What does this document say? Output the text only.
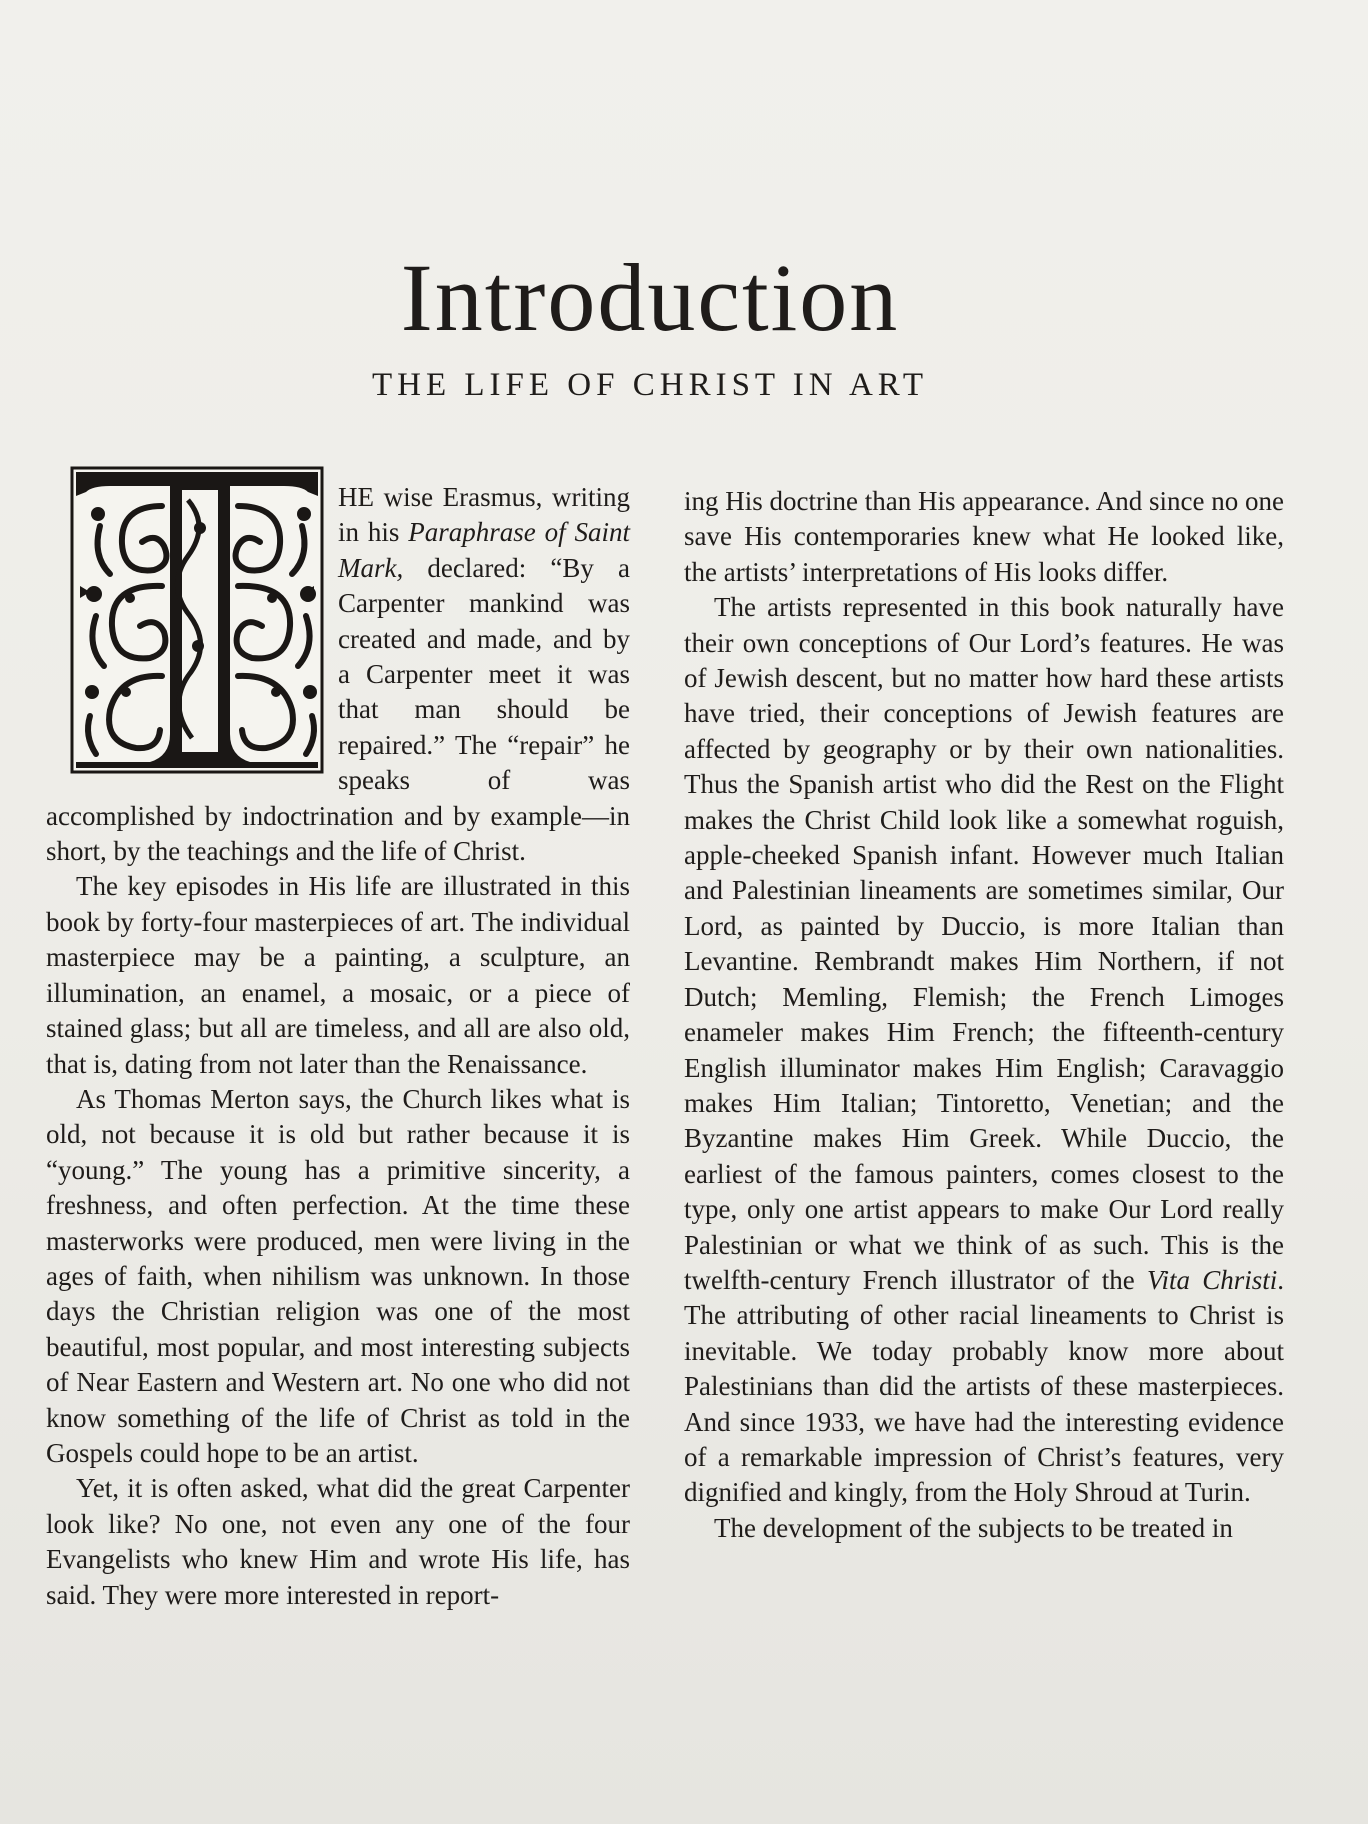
Introduction
THE LIFE OF CHRIST IN ART

HE wise Erasmus, writing in his Paraphrase of Saint Mark, declared: “By a Carpenter mankind was created and made, and by a Carpenter meet it was that man should be repaired.” The “repair” he speaks of was accomplished by indoctrination and by example—in short, by the teachings and the life of Christ.

The key episodes in His life are illustrated in this book by forty-four masterpieces of art. The individual masterpiece may be a painting, a sculpture, an illumination, an enamel, a mosaic, or a piece of stained glass; but all are timeless, and all are also old, that is, dating from not later than the Renaissance.

As Thomas Merton says, the Church likes what is old, not because it is old but rather because it is “young.” The young has a primitive sincerity, a freshness, and often perfection. At the time these masterworks were produced, men were living in the ages of faith, when nihilism was unknown. In those days the Christian religion was one of the most beautiful, most popular, and most interesting subjects of Near Eastern and Western art. No one who did not know something of the life of Christ as told in the Gospels could hope to be an artist.

Yet, it is often asked, what did the great Carpenter look like? No one, not even any one of the four Evangelists who knew Him and wrote His life, has said. They were more interested in report-

ing His doctrine than His appearance. And since no one save His contemporaries knew what He looked like, the artists’ interpretations of His looks differ.

The artists represented in this book naturally have their own conceptions of Our Lord’s features. He was of Jewish descent, but no matter how hard these artists have tried, their conceptions of Jewish features are affected by geography or by their own nationalities. Thus the Spanish artist who did the Rest on the Flight makes the Christ Child look like a somewhat roguish, apple-cheeked Spanish infant. However much Italian and Palestinian lineaments are sometimes similar, Our Lord, as painted by Duccio, is more Italian than Levantine. Rembrandt makes Him Northern, if not Dutch; Memling, Flemish; the French Limoges enameler makes Him French; the fifteenth-century English illuminator makes Him English; Caravaggio makes Him Italian; Tintoretto, Venetian; and the Byzantine makes Him Greek. While Duccio, the earliest of the famous painters, comes closest to the type, only one artist appears to make Our Lord really Palestinian or what we think of as such. This is the twelfth-century French illustrator of the Vita Christi. The attributing of other racial lineaments to Christ is inevitable. We today probably know more about Palestinians than did the artists of these masterpieces. And since 1933, we have had the interesting evidence of a remarkable impression of Christ’s features, very dignified and kingly, from the Holy Shroud at Turin.

The development of the subjects to be treated in
